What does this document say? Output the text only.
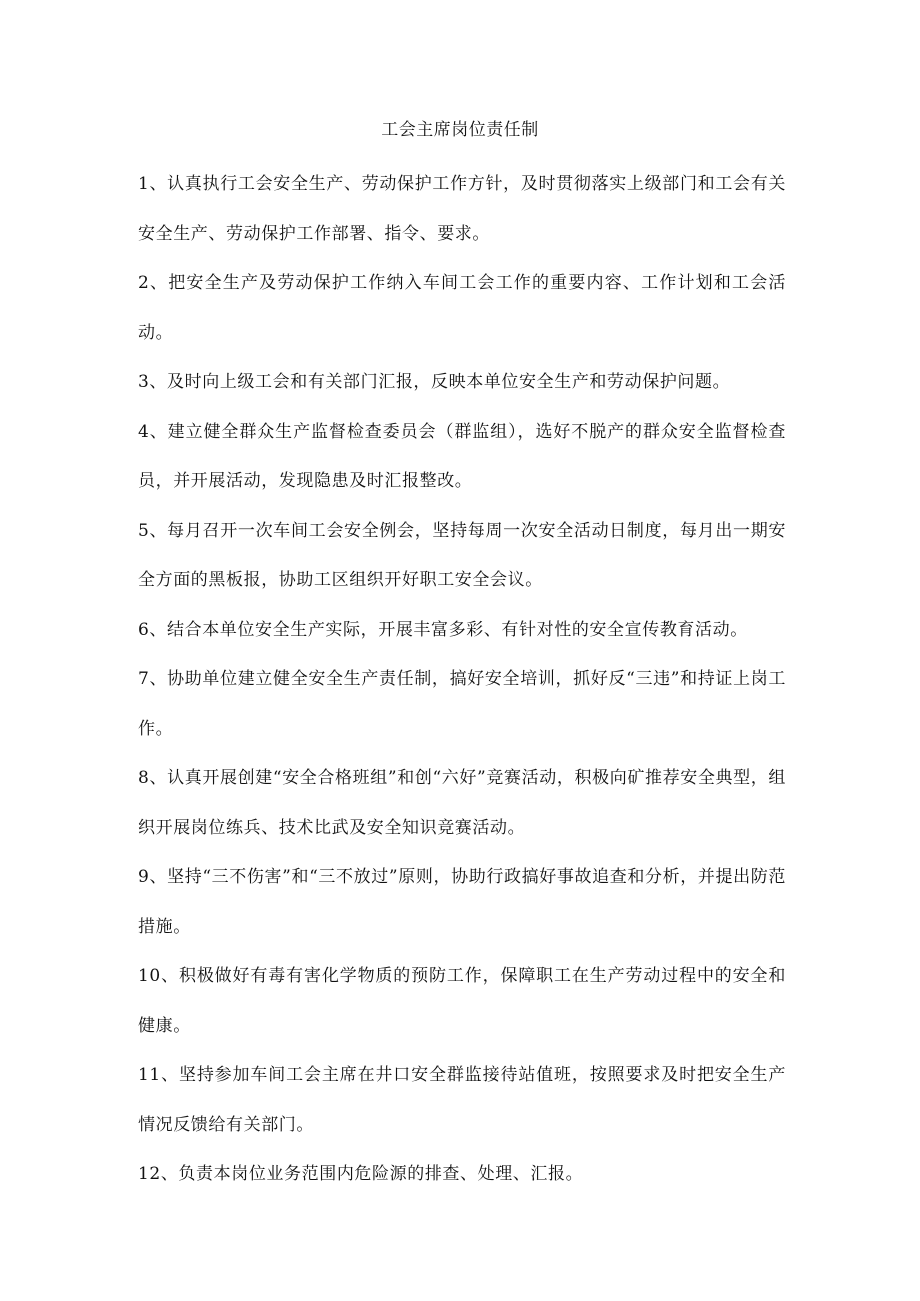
工会主席岗位责任制

1、认真执行工会安全生产、劳动保护工作方针，及时贯彻落实上级部门和工会有关安全生产、劳动保护工作部署、指令、要求。

2、把安全生产及劳动保护工作纳入车间工会工作的重要内容、工作计划和工会活动。

3、及时向上级工会和有关部门汇报，反映本单位安全生产和劳动保护问题。

4、建立健全群众生产监督检查委员会（群监组），选好不脱产的群众安全监督检查员，并开展活动，发现隐患及时汇报整改。

5、每月召开一次车间工会安全例会，坚持每周一次安全活动日制度，每月出一期安全方面的黑板报，协助工区组织开好职工安全会议。

6、结合本单位安全生产实际，开展丰富多彩、有针对性的安全宣传教育活动。

7、协助单位建立健全安全生产责任制，搞好安全培训，抓好反“三违”和持证上岗工作。

8、认真开展创建“安全合格班组”和创“六好”竞赛活动，积极向矿推荐安全典型，组织开展岗位练兵、技术比武及安全知识竞赛活动。

9、坚持“三不伤害”和“三不放过”原则，协助行政搞好事故追查和分析，并提出防范措施。

10、积极做好有毒有害化学物质的预防工作，保障职工在生产劳动过程中的安全和健康。

11、坚持参加车间工会主席在井口安全群监接待站值班，按照要求及时把安全生产情况反馈给有关部门。

12、负责本岗位业务范围内危险源的排查、处理、汇报。
